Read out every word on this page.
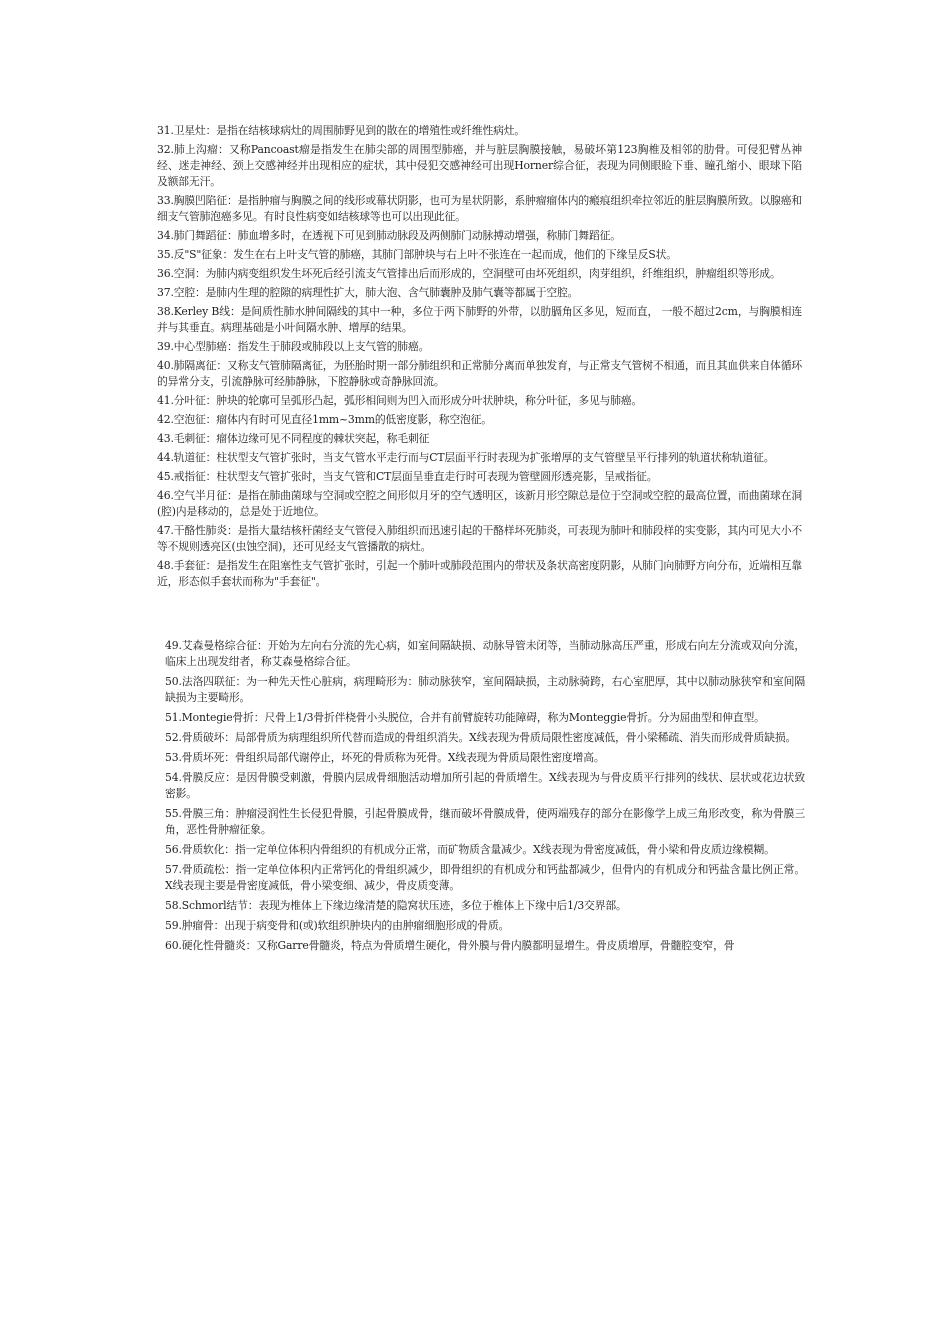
31.卫星灶：是指在结核球病灶的周围肺野见到的散在的增殖性或纤维性病灶。

32.肺上沟瘤：又称Pancoast瘤是指发生在肺尖部的周围型肺癌，并与脏层胸膜接触，易破坏第123胸椎及相邻的肋骨。可侵犯臂丛神经、迷走神经、颈上交感神经并出现相应的症状，其中侵犯交感神经可出现Horner综合征，表现为同侧眼睑下垂、瞳孔缩小、眼球下陷及额部无汗。

33.胸膜凹陷征：是指肿瘤与胸膜之间的线形或幕状阴影，也可为星状阴影，系肿瘤瘤体内的瘢痕组织牵拉邻近的脏层胸膜所致。以腺癌和细支气管肺泡癌多见。有时良性病变如结核球等也可以出现此征。

34.肺门舞蹈征：肺血增多时，在透视下可见到肺动脉段及两侧肺门动脉搏动增强，称肺门舞蹈征。

35.反"S"征象：发生在右上叶支气管的肺癌，其肺门部肿块与右上叶不张连在一起而成，他们的下缘呈反S状。

36.空洞：为肺内病变组织发生坏死后经引流支气管排出后而形成的，空洞壁可由坏死组织，肉芽组织，纤维组织，肿瘤组织等形成。

37.空腔：是肺内生理的腔隙的病理性扩大，肺大泡、含气肺囊肿及肺气囊等都属于空腔。

38.Kerley B线：是间质性肺水肿间隔线的其中一种，多位于两下肺野的外带，以肋膈角区多见，短而直， 一般不超过2cm，与胸膜相连并与其垂直。病理基础是小叶间隔水肿、增厚的结果。

39.中心型肺癌：指发生于肺段或肺段以上支气管的肺癌。

40.肺隔离征：又称支气管肺隔离征，为胚胎时期一部分肺组织和正常肺分离而单独发育，与正常支气管树不相通，而且其血供来自体循环的异常分支，引流静脉可经肺静脉，下腔静脉或奇静脉回流。

41.分叶征：肿块的轮廓可呈弧形凸起，弧形相间则为凹入而形成分叶状肿块，称分叶征，多见与肺癌。

42.空泡征：瘤体内有时可见直径1mm~3mm的低密度影，称空泡征。

43.毛刺征：瘤体边缘可见不同程度的棘状突起，称毛刺征

44.轨道征：柱状型支气管扩张时，当支气管水平走行而与CT层面平行时表现为扩张增厚的支气管壁呈平行排列的轨道状称轨道征。

45.戒指征：柱状型支气管扩张时，当支气管和CT层面呈垂直走行时可表现为管壁圆形透亮影，呈戒指征。

46.空气半月征：是指在肺曲菌球与空洞或空腔之间形似月牙的空气透明区，该新月形空隙总是位于空洞或空腔的最高位置，而曲菌球在洞(腔)内是移动的，总是处于近地位。

47.干酪性肺炎：是指大量结核杆菌经支气管侵入肺组织而迅速引起的干酪样坏死肺炎，可表现为肺叶和肺段样的实变影，其内可见大小不等不规则透亮区(虫蚀空洞)，还可见经支气管播散的病灶。

48.手套征：是指发生在阻塞性支气管扩张时，引起一个肺叶或肺段范围内的带状及条状高密度阴影，从肺门向肺野方向分布，近端相互靠近，形态似手套状而称为"手套征"。

49.艾森曼格综合征：开始为左向右分流的先心病，如室间隔缺损、动脉导管未闭等，当肺动脉高压严重，形成右向左分流或双向分流，临床上出现发绀者，称艾森曼格综合征。

50.法洛四联征：为一种先天性心脏病，病理畸形为：肺动脉狭窄，室间隔缺损，主动脉骑跨，右心室肥厚，其中以肺动脉狭窄和室间隔缺损为主要畸形。

51.Montegie骨折：尺骨上1/3骨折伴桡骨小头脱位，合并有前臂旋转功能障碍，称为Monteggie骨折。分为屈曲型和伸直型。

52.骨质破坏：局部骨质为病理组织所代替而造成的骨组织消失。X线表现为骨质局限性密度减低，骨小梁稀疏、消失而形成骨质缺损。

53.骨质坏死：骨组织局部代谢停止，坏死的骨质称为死骨。X线表现为骨质局限性密度增高。

54.骨膜反应：是因骨膜受刺激，骨膜内层成骨细胞活动增加所引起的骨质增生。X线表现为与骨皮质平行排列的线状、层状或花边状致密影。

55.骨膜三角：肿瘤浸润性生长侵犯骨膜，引起骨膜成骨，继而破坏骨膜成骨，使两端残存的部分在影像学上成三角形改变，称为骨膜三角，恶性骨肿瘤征象。

56.骨质软化：指一定单位体积内骨组织的有机成分正常，而矿物质含量减少。X线表现为骨密度减低，骨小梁和骨皮质边缘模糊。

57.骨质疏松：指一定单位体积内正常钙化的骨组织减少，即骨组织的有机成分和钙盐都减少，但骨内的有机成分和钙盐含量比例正常。X线表现主要是骨密度减低，骨小梁变细、减少，骨皮质变薄。

58.Schmorl结节：表现为椎体上下缘边缘清楚的隐窝状压迹，多位于椎体上下缘中后1/3交界部。

59.肿瘤骨：出现于病变骨和(或)软组织肿块内的由肿瘤细胞形成的骨质。

60.硬化性骨髓炎：又称Garre骨髓炎，特点为骨质增生硬化，骨外膜与骨内膜都明显增生。骨皮质增厚，骨髓腔变窄，骨
